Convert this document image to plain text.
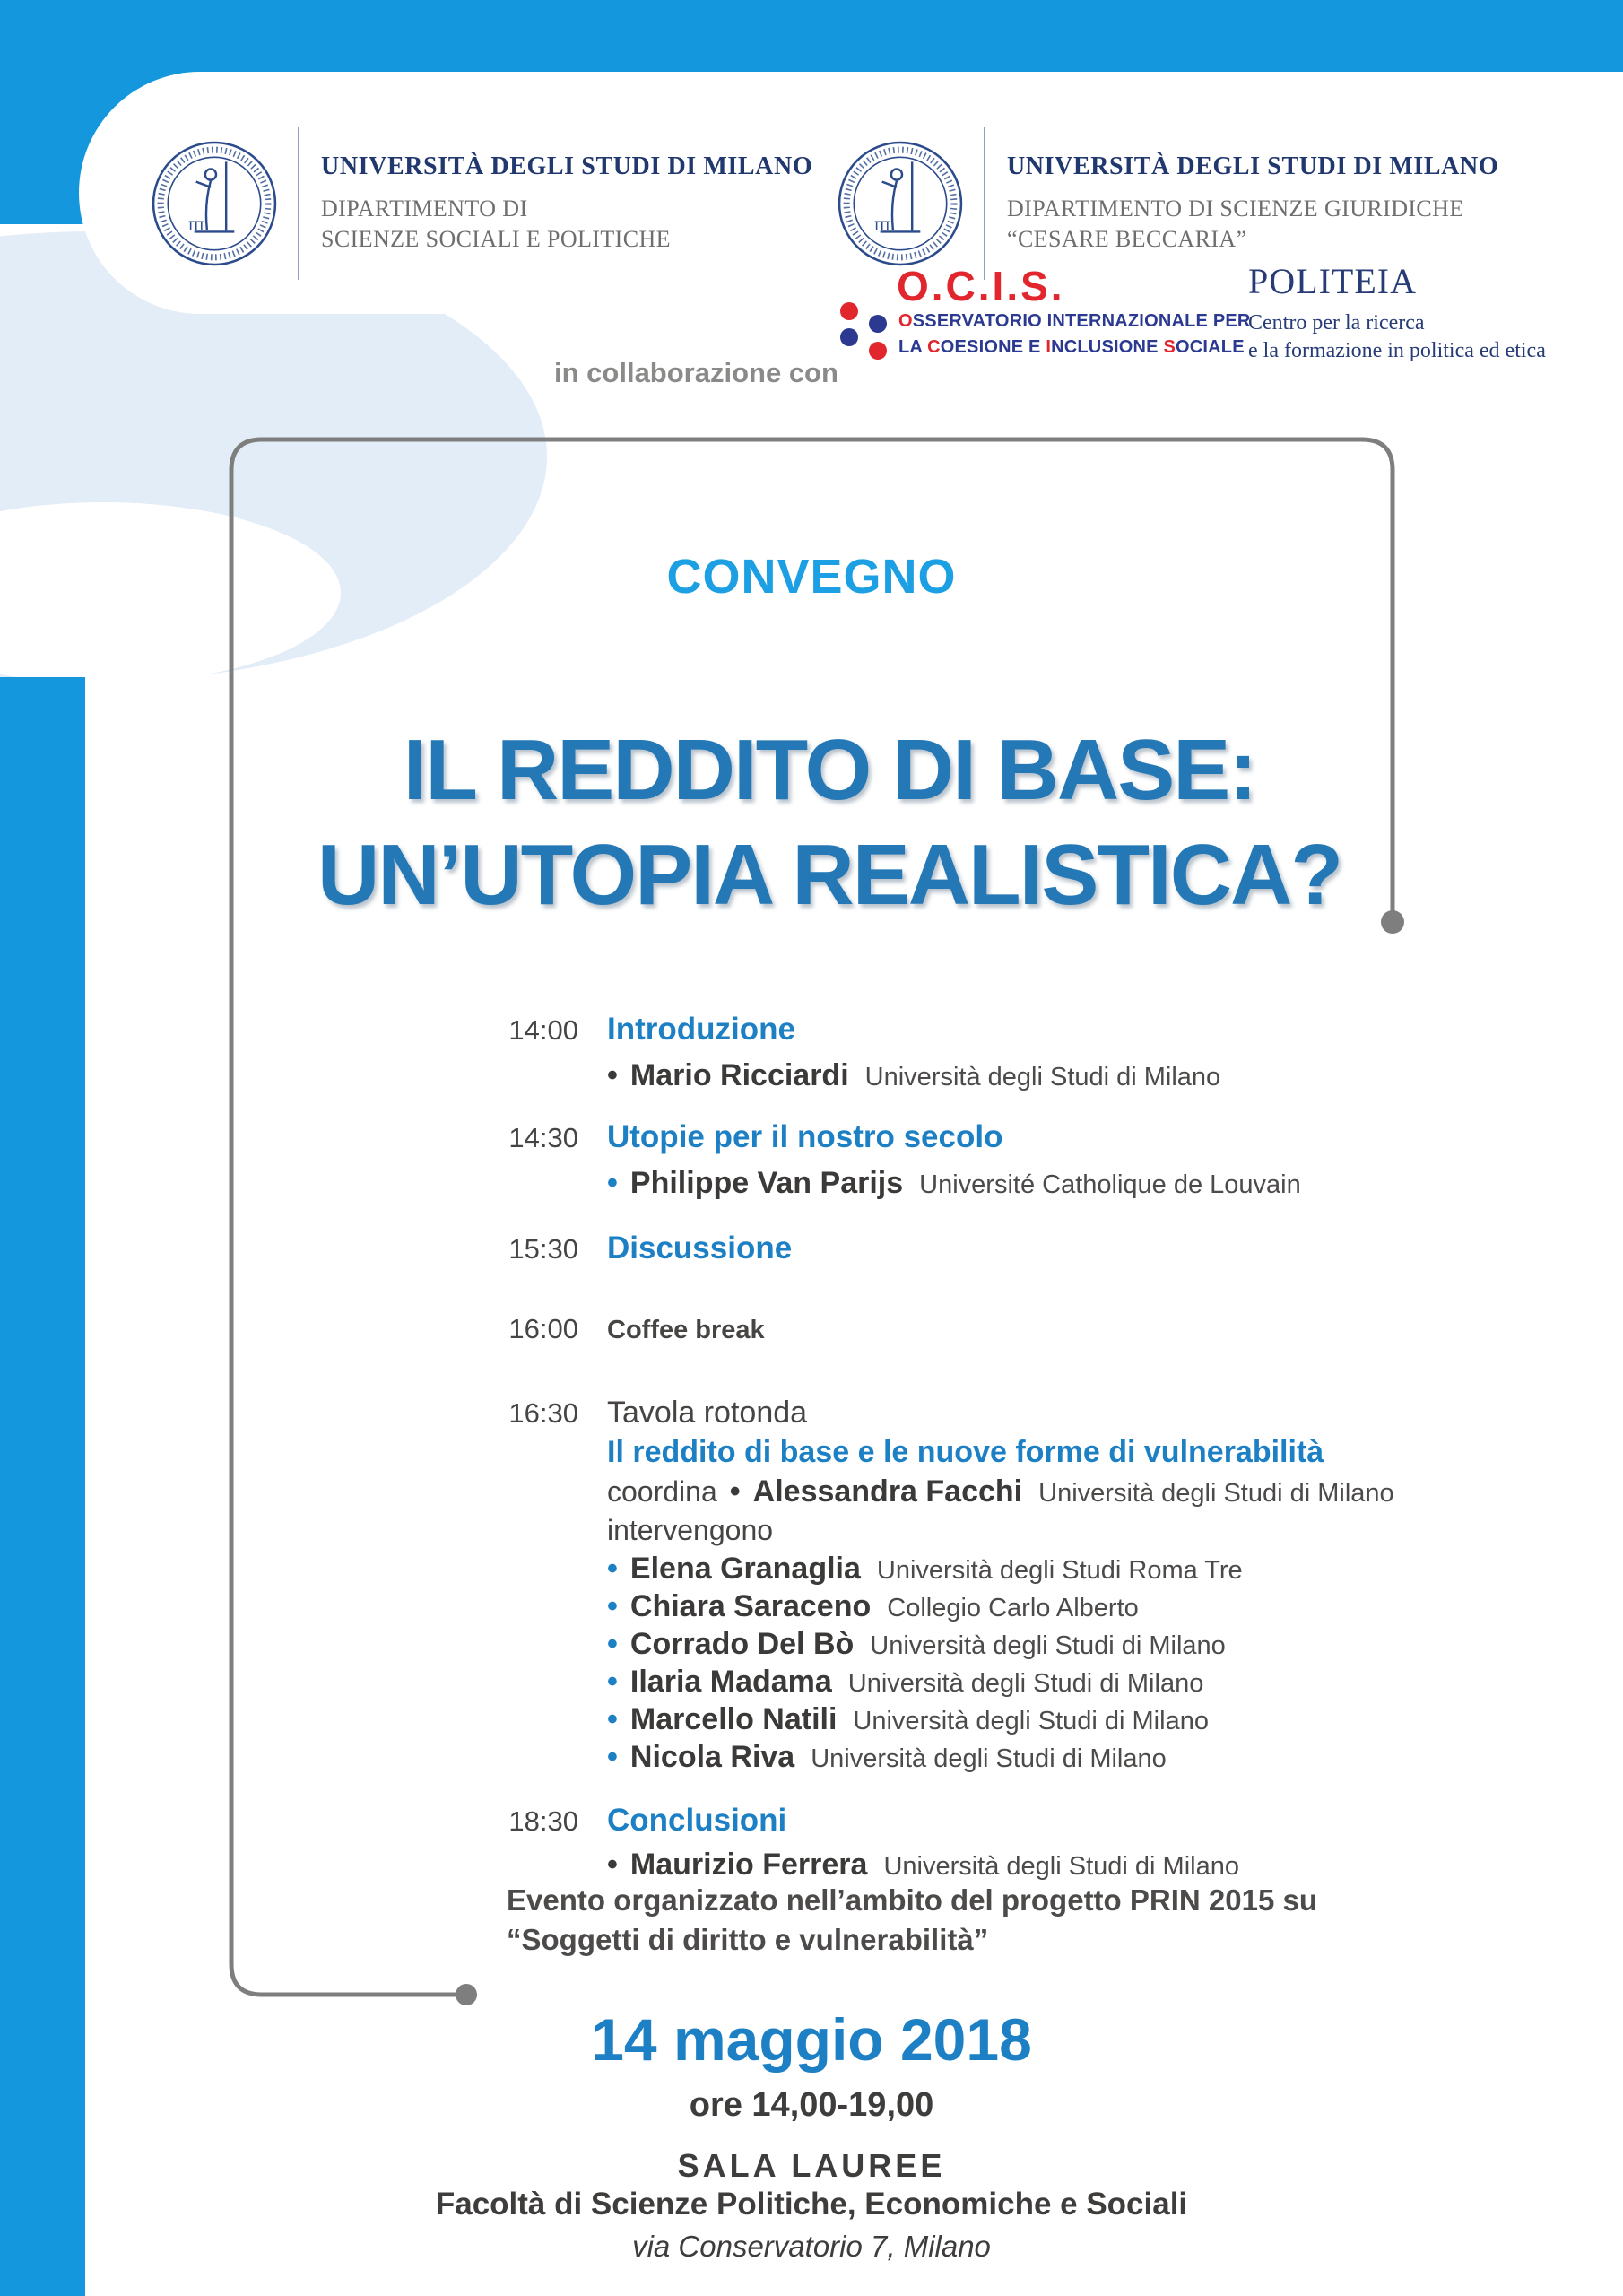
UNIVERSITÀ DEGLI STUDI DI MILANO
DIPARTIMENTO DI
SCIENZE SOCIALI E POLITICHE
UNIVERSITÀ DEGLI STUDI DI MILANO
DIPARTIMENTO DI SCIENZE GIURIDICHE
“CESARE BECCARIA”
in collaborazione con
O.C.I.S.
OSSERVATORIO INTERNAZIONALE PER
LA COESIONE E INCLUSIONE SOCIALE
POLITEIA
Centro per la ricerca
e la formazione in politica ed etica
CONVEGNO
IL REDDITO DI BASE:
UN’UTOPIA REALISTICA?
14:00 Introduzione
• Mario Ricciardi Università degli Studi di Milano
14:30 Utopie per il nostro secolo
• Philippe Van Parijs Université Catholique de Louvain
15:30 Discussione
16:00 Coffee break
16:30 Tavola rotonda
Il reddito di base e le nuove forme di vulnerabilità
coordina • Alessandra Facchi Università degli Studi di Milano
intervengono
• Elena Granaglia Università degli Studi Roma Tre
• Chiara Saraceno Collegio Carlo Alberto
• Corrado Del Bò Università degli Studi di Milano
• Ilaria Madama Università degli Studi di Milano
• Marcello Natili Università degli Studi di Milano
• Nicola Riva Università degli Studi di Milano
18:30 Conclusioni
• Maurizio Ferrera Università degli Studi di Milano
Evento organizzato nell’ambito del progetto PRIN 2015 su
“Soggetti di diritto e vulnerabilità”
14 maggio 2018
ore 14,00-19,00
SALA LAUREE
Facoltà di Scienze Politiche, Economiche e Sociali
via Conservatorio 7, Milano
